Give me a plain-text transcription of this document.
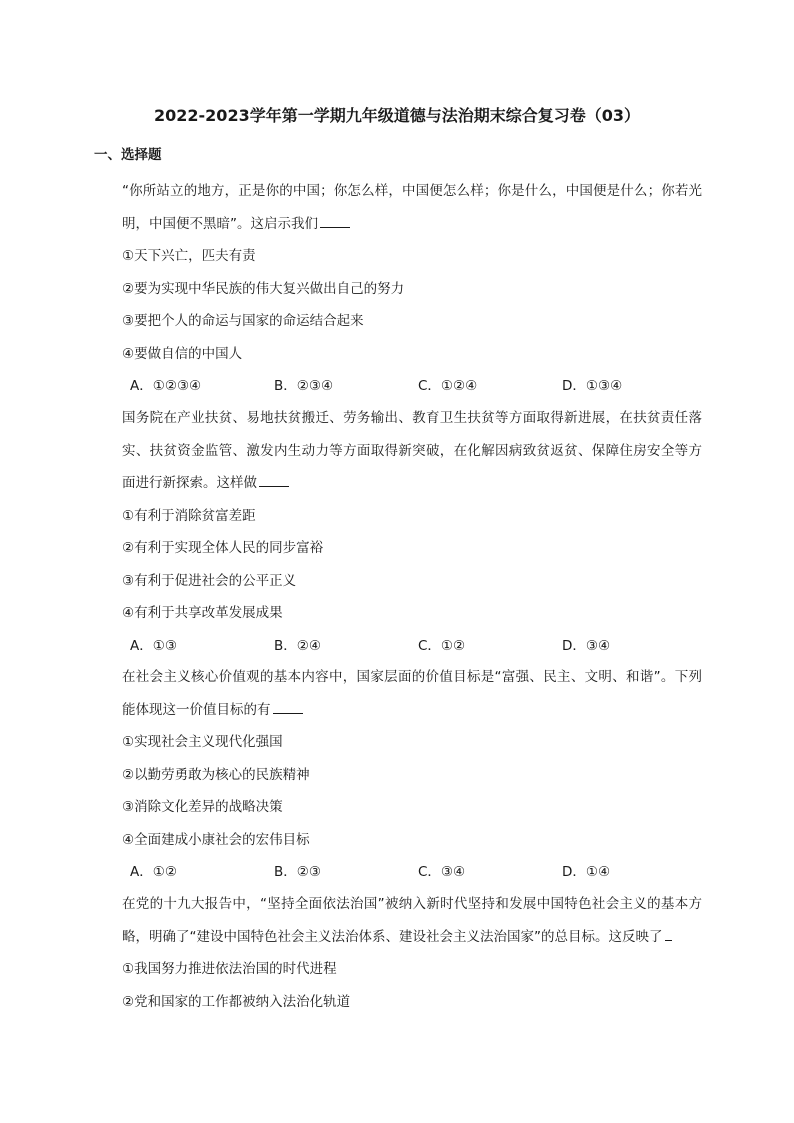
2022-2023学年第一学期九年级道德与法治期末综合复习卷（03）
一、选择题

“你所站立的地方，正是你的中国；你怎么样，中国便怎么样；你是什么，中国便是什么；你若光明，中国便不黑暗”。这启示我们

①天下兴亡，匹夫有责

②要为实现中华民族的伟大复兴做出自己的努力

③要把个人的命运与国家的命运结合起来

④要做自信的中国人

A．①②③④	B．②③④	C．①②④	D．①③④

国务院在产业扶贫、易地扶贫搬迁、劳务输出、教育卫生扶贫等方面取得新进展，在扶贫责任落实、扶贫资金监管、激发内生动力等方面取得新突破，在化解因病致贫返贫、保障住房安全等方面进行新探索。这样做

①有利于消除贫富差距

②有利于实现全体人民的同步富裕

③有利于促进社会的公平正义

④有利于共享改革发展成果

A．①③	B．②④	C．①②	D．③④

在社会主义核心价值观的基本内容中，国家层面的价值目标是“富强、民主、文明、和谐”。下列能体现这一价值目标的有

①实现社会主义现代化强国

②以勤劳勇敢为核心的民族精神

③消除文化差异的战略决策

④全面建成小康社会的宏伟目标

A．①②	B．②③	C．③④	D．①④

在党的十九大报告中，“坚持全面依法治国”被纳入新时代坚持和发展中国特色社会主义的基本方略，明确了“建设中国特色社会主义法治体系、建设社会主义法治国家”的总目标。这反映了

①我国努力推进依法治国的时代进程

②党和国家的工作都被纳入法治化轨道
